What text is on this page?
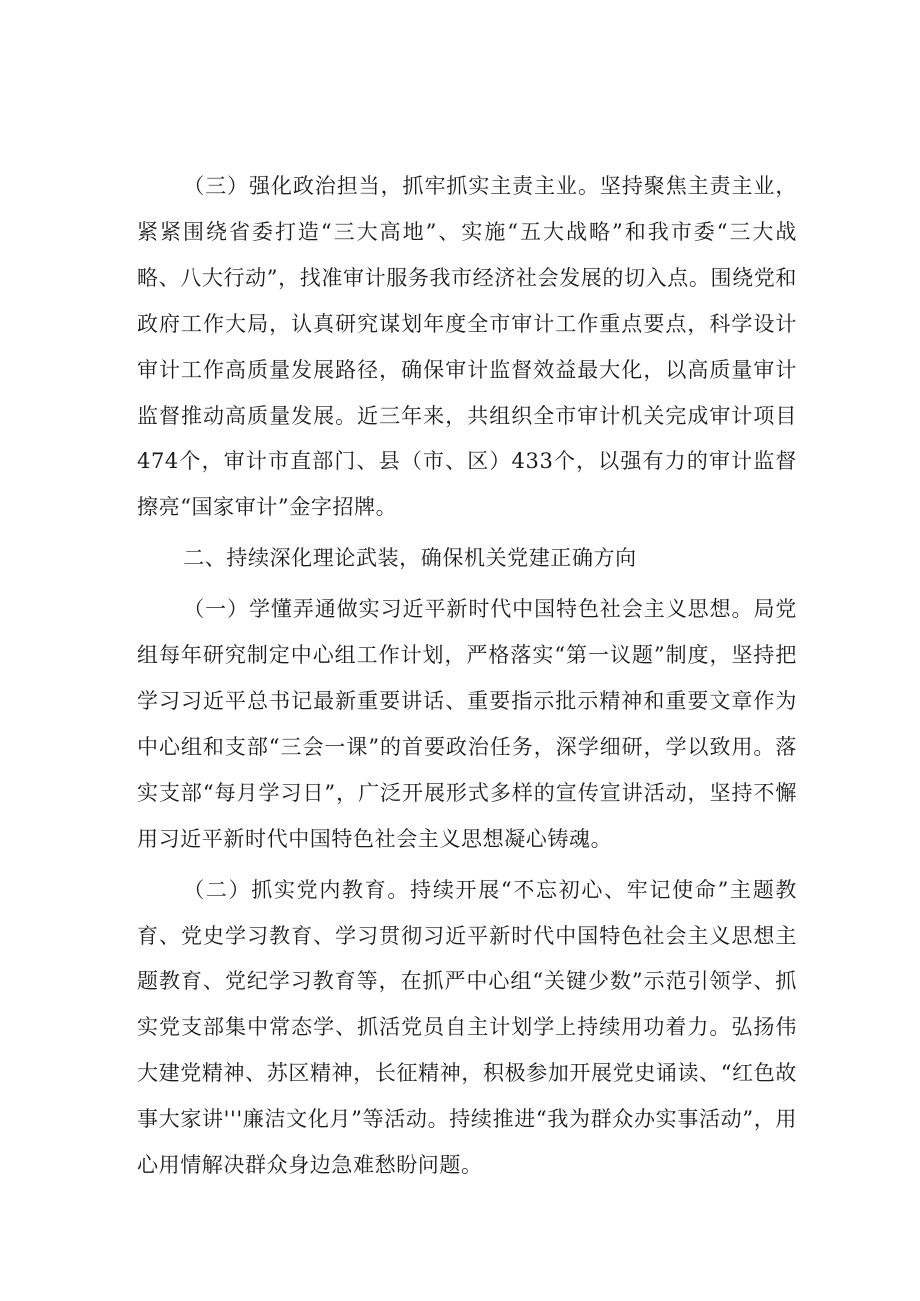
（三）强化政治担当，抓牢抓实主责主业。坚持聚焦主责主业，紧紧围绕省委打造“三大高地”、实施“五大战略”和我市委“三大战略、八大行动”，找准审计服务我市经济社会发展的切入点。围绕党和政府工作大局，认真研究谋划年度全市审计工作重点要点，科学设计审计工作高质量发展路径，确保审计监督效益最大化，以高质量审计监督推动高质量发展。近三年来，共组织全市审计机关完成审计项目474个，审计市直部门、县（市、区）433个，以强有力的审计监督擦亮“国家审计”金字招牌。

二、持续深化理论武装，确保机关党建正确方向

（一）学懂弄通做实习近平新时代中国特色社会主义思想。局党组每年研究制定中心组工作计划，严格落实“第一议题”制度，坚持把学习习近平总书记最新重要讲话、重要指示批示精神和重要文章作为中心组和支部“三会一课”的首要政治任务，深学细研，学以致用。落实支部“每月学习日”，广泛开展形式多样的宣传宣讲活动，坚持不懈用习近平新时代中国特色社会主义思想凝心铸魂。

（二）抓实党内教育。持续开展“不忘初心、牢记使命”主题教育、党史学习教育、学习贯彻习近平新时代中国特色社会主义思想主题教育、党纪学习教育等，在抓严中心组“关键少数”示范引领学、抓实党支部集中常态学、抓活党员自主计划学上持续用功着力。弘扬伟大建党精神、苏区精神，长征精神，积极参加开展党史诵读、“红色故事大家讲'''廉洁文化月”等活动。持续推进“我为群众办实事活动”，用心用情解决群众身边急难愁盼问题。
